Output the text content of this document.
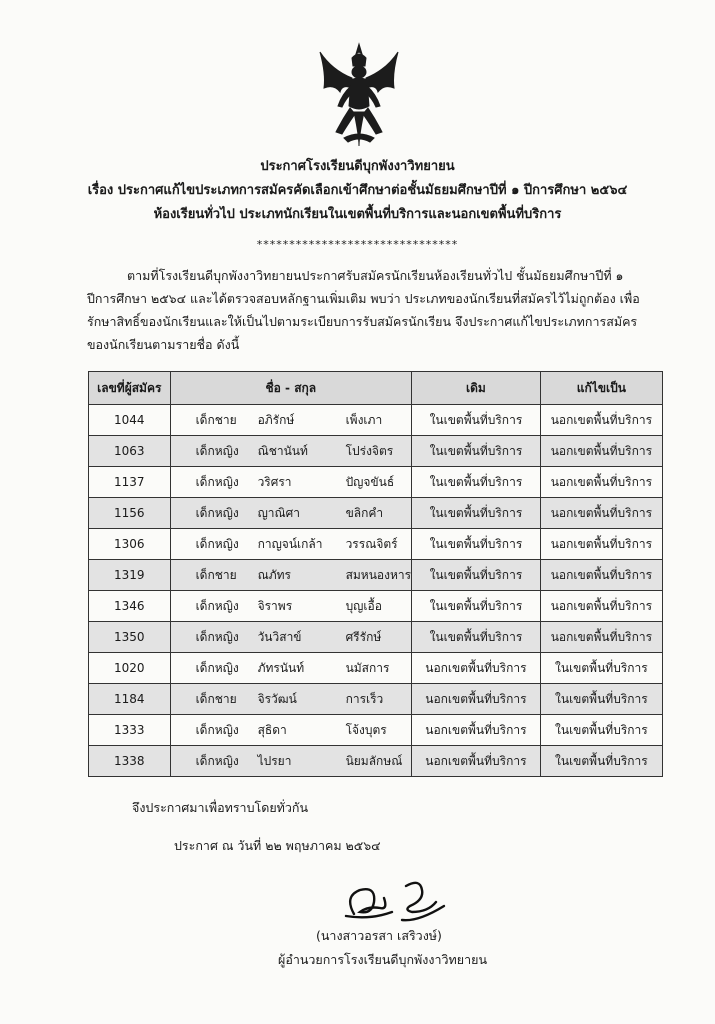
ประกาศโรงเรียนดีบุกพังงาวิทยายน
เรื่อง ประกาศแก้ไขประเภทการสมัครคัดเลือกเข้าศึกษาต่อชั้นมัธยมศึกษาปีที่ ๑ ปีการศึกษา ๒๕๖๔
ห้องเรียนทั่วไป ประเภทนักเรียนในเขตพื้นที่บริการและนอกเขตพื้นที่บริการ
*******************************
ตามที่โรงเรียนดีบุกพังงาวิทยายนประกาศรับสมัครนักเรียนห้องเรียนทั่วไป ชั้นมัธยมศึกษาปีที่ ๑
ปีการศึกษา ๒๕๖๔ และได้ตรวจสอบหลักฐานเพิ่มเติม พบว่า ประเภทของนักเรียนที่สมัครไว้ไม่ถูกต้อง เพื่อ
รักษาสิทธิ์ของนักเรียนและให้เป็นไปตามระเบียบการรับสมัครนักเรียน จึงประกาศแก้ไขประเภทการสมัคร
ของนักเรียนตามรายชื่อ ดังนี้
เลขที่ผู้สมัคร	ชื่อ - สกุล	เดิม	แก้ไขเป็น
1044	เด็กชาย อภิรักษ์ เพ็งเภา	ในเขตพื้นที่บริการ	นอกเขตพื้นที่บริการ
1063	เด็กหญิง ณิชานันท์ โปร่งจิตร	ในเขตพื้นที่บริการ	นอกเขตพื้นที่บริการ
1137	เด็กหญิง วริศรา ปัญจขันธ์	ในเขตพื้นที่บริการ	นอกเขตพื้นที่บริการ
1156	เด็กหญิง ญาณิศา ขลิกคำ	ในเขตพื้นที่บริการ	นอกเขตพื้นที่บริการ
1306	เด็กหญิง กาญจน์เกล้า วรรณจิตร์	ในเขตพื้นที่บริการ	นอกเขตพื้นที่บริการ
1319	เด็กชาย ณภัทร สมหนองหาร	ในเขตพื้นที่บริการ	นอกเขตพื้นที่บริการ
1346	เด็กหญิง จิราพร บุญเอื้อ	ในเขตพื้นที่บริการ	นอกเขตพื้นที่บริการ
1350	เด็กหญิง วันวิสาข์ ศรีรักษ์	ในเขตพื้นที่บริการ	นอกเขตพื้นที่บริการ
1020	เด็กหญิง ภัทรนันท์ นมัสการ	นอกเขตพื้นที่บริการ	ในเขตพื้นที่บริการ
1184	เด็กชาย จิรวัฒน์ การเร็ว	นอกเขตพื้นที่บริการ	ในเขตพื้นที่บริการ
1333	เด็กหญิง สุธิดา โจ้งบุตร	นอกเขตพื้นที่บริการ	ในเขตพื้นที่บริการ
1338	เด็กหญิง ไปรยา นิยมลักษณ์	นอกเขตพื้นที่บริการ	ในเขตพื้นที่บริการ
จึงประกาศมาเพื่อทราบโดยทั่วกัน
ประกาศ ณ วันที่ ๒๒ พฤษภาคม ๒๕๖๔
(นางสาวอรสา เสริวงษ์)
ผู้อำนวยการโรงเรียนดีบุกพังงาวิทยายน
